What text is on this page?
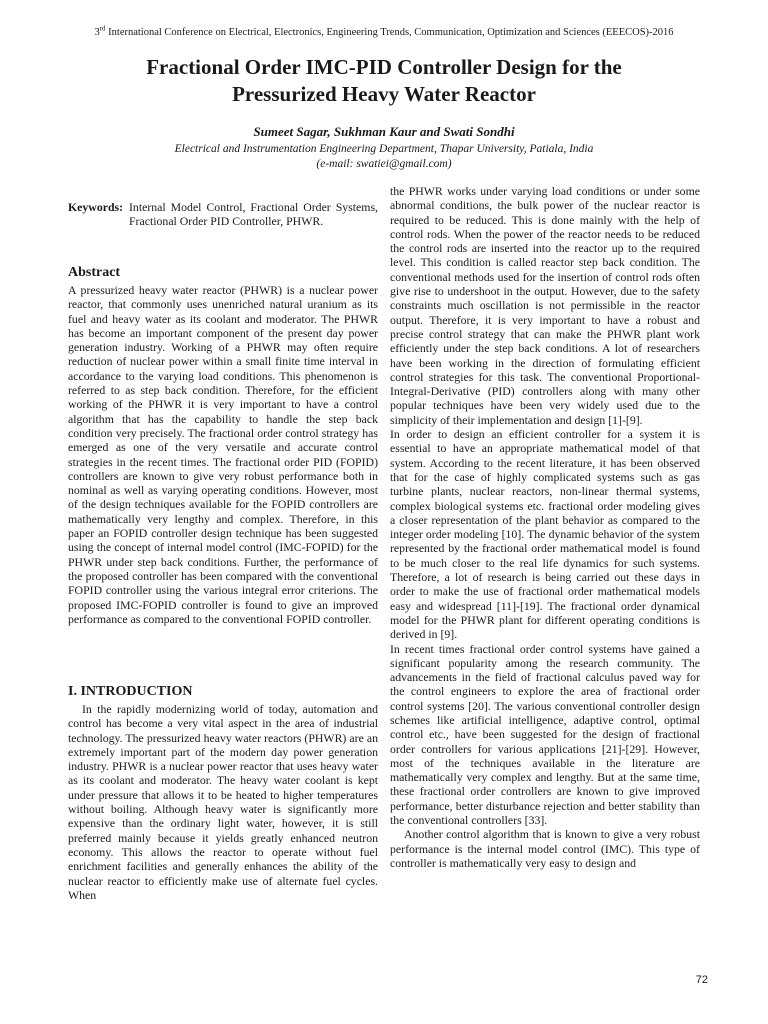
3rd International Conference on Electrical, Electronics, Engineering Trends, Communication, Optimization and Sciences (EEECOS)-2016
Fractional Order IMC-PID Controller Design for the
Pressurized Heavy Water Reactor
Sumeet Sagar, Sukhman Kaur and Swati Sondhi
Electrical and Instrumentation Engineering Department, Thapar University, Patiala, India
(e-mail: swatiei@gmail.com)
Keywords: Internal Model Control, Fractional Order Systems, Fractional Order PID Controller, PHWR.
Abstract

A pressurized heavy water reactor (PHWR) is a nuclear power reactor, that commonly uses unenriched natural uranium as its fuel and heavy water as its coolant and moderator. The PHWR has become an important component of the present day power generation industry. Working of a PHWR may often require reduction of nuclear power within a small finite time interval in accordance to the varying load conditions. This phenomenon is referred to as step back condition. Therefore, for the efficient working of the PHWR it is very important to have a control algorithm that has the capability to handle the step back condition very precisely. The fractional order control strategy has emerged as one of the very versatile and accurate control strategies in the recent times. The fractional order PID (FOPID) controllers are known to give very robust performance both in nominal as well as varying operating conditions. However, most of the design techniques available for the FOPID controllers are mathematically very lengthy and complex. Therefore, in this paper an FOPID controller design technique has been suggested using the concept of internal model control (IMC-FOPID) for the PHWR under step back conditions. Further, the performance of the proposed controller has been compared with the conventional FOPID controller using the various integral error criterions. The proposed IMC-FOPID controller is found to give an improved performance as compared to the conventional FOPID controller.

I. INTRODUCTION

In the rapidly modernizing world of today, automation and control has become a very vital aspect in the area of industrial technology. The pressurized heavy water reactors (PHWR) are an extremely important part of the modern day power generation industry. PHWR is a nuclear power reactor that uses heavy water as its coolant and moderator. The heavy water coolant is kept under pressure that allows it to be heated to higher temperatures without boiling. Although heavy water is significantly more expensive than the ordinary light water, however, it is still preferred mainly because it yields greatly enhanced neutron economy. This allows the reactor to operate without fuel enrichment facilities and generally enhances the ability of the nuclear reactor to efficiently make use of alternate fuel cycles. When

the PHWR works under varying load conditions or under some abnormal conditions, the bulk power of the nuclear reactor is required to be reduced. This is done mainly with the help of control rods. When the power of the reactor needs to be reduced the control rods are inserted into the reactor up to the required level. This condition is called reactor step back condition. The conventional methods used for the insertion of control rods often give rise to undershoot in the output. However, due to the safety constraints much oscillation is not permissible in the reactor output. Therefore, it is very important to have a robust and precise control strategy that can make the PHWR plant work efficiently under the step back conditions. A lot of researchers have been working in the direction of formulating efficient control strategies for this task. The conventional Proportional-Integral-Derivative (PID) controllers along with many other popular techniques have been very widely used due to the simplicity of their implementation and design [1]-[9].

In order to design an efficient controller for a system it is essential to have an appropriate mathematical model of that system. According to the recent literature, it has been observed that for the case of highly complicated systems such as gas turbine plants, nuclear reactors, non-linear thermal systems, complex biological systems etc. fractional order modeling gives a closer representation of the plant behavior as compared to the integer order modeling [10]. The dynamic behavior of the system represented by the fractional order mathematical model is found to be much closer to the real life dynamics for such systems. Therefore, a lot of research is being carried out these days in order to make the use of fractional order mathematical models easy and widespread [11]-[19]. The fractional order dynamical model for the PHWR plant for different operating conditions is derived in [9].

In recent times fractional order control systems have gained a significant popularity among the research community. The advancements in the field of fractional calculus paved way for the control engineers to explore the area of fractional order control systems [20]. The various conventional controller design schemes like artificial intelligence, adaptive control, optimal control etc., have been suggested for the design of fractional order controllers for various applications [21]-[29]. However, most of the techniques available in the literature are mathematically very complex and lengthy. But at the same time, these fractional order controllers are known to give improved performance, better disturbance rejection and better stability than the conventional controllers [33].

Another control algorithm that is known to give a very robust performance is the internal model control (IMC). This type of controller is mathematically very easy to design and

72
